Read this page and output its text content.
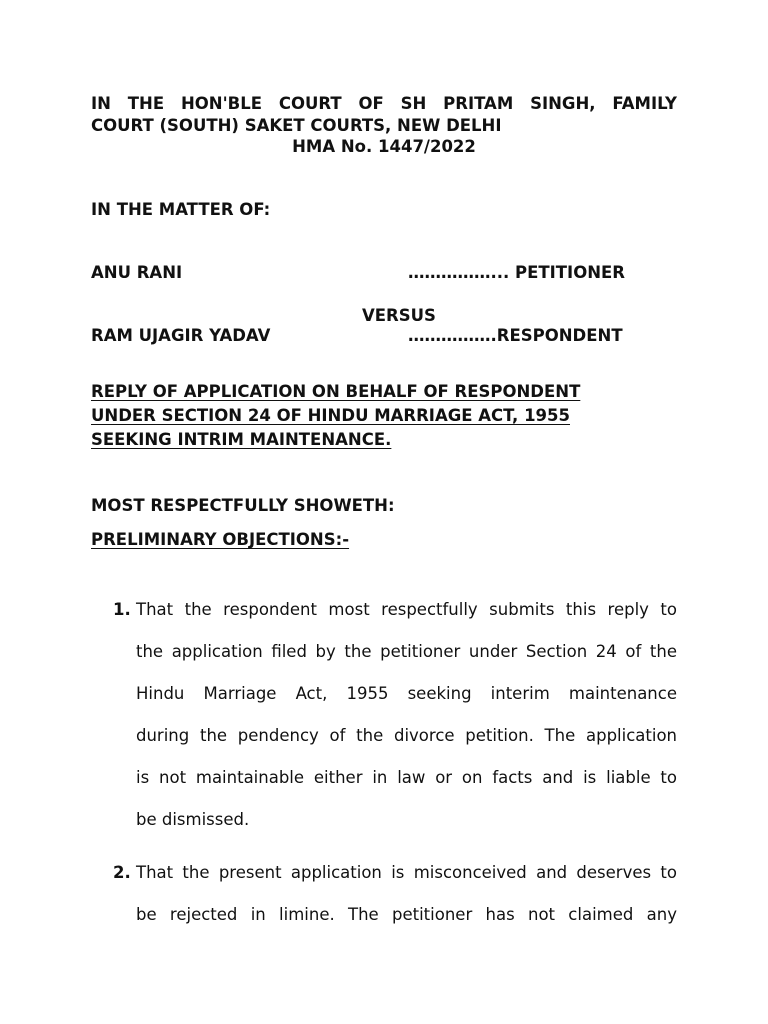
IN THE HON'BLE COURT OF SH PRITAM SINGH, FAMILY
COURT (SOUTH) SAKET COURTS, NEW DELHI
HMA No. 1447/2022
IN THE MATTER OF:
ANU RANI	……………... PETITIONER
VERSUS
RAM UJAGIR YADAV	…………….RESPONDENT
REPLY OF APPLICATION ON BEHALF OF RESPONDENT
UNDER SECTION 24 OF HINDU MARRIAGE ACT, 1955
SEEKING INTRIM MAINTENANCE.
MOST RESPECTFULLY SHOWETH:
PRELIMINARY OBJECTIONS:-
1. That the respondent most respectfully submits this reply to
the application filed by the petitioner under Section 24 of the
Hindu Marriage Act, 1955 seeking interim maintenance
during the pendency of the divorce petition. The application
is not maintainable either in law or on facts and is liable to
be dismissed.
2. That the present application is misconceived and deserves to
be rejected in limine. The petitioner has not claimed any
